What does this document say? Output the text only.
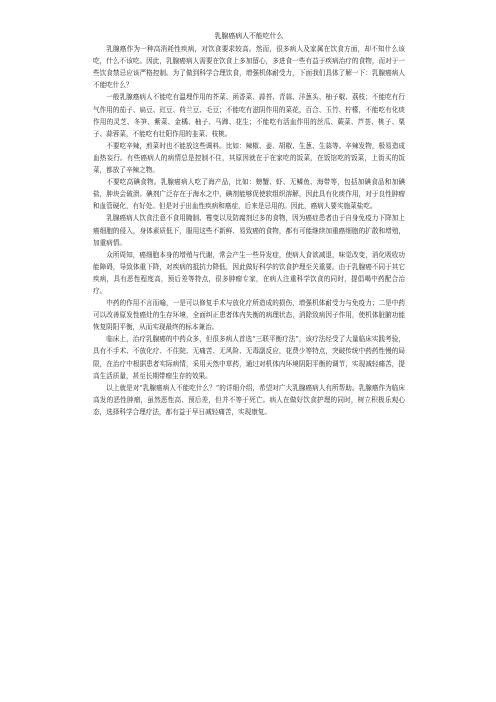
乳腺癌病人不能吃什么

乳腺癌作为一种高消耗性疾病，对饮食要求较高。然而，很多病人及家属在饮食方面，却不知什么该吃，什么不该吃。因此，乳腺癌病人需要在饮食上多加留心，多进食一些有益于疾病治疗的食物，而对于一些饮食禁忌应该严格控制。为了做到科学合理饮食，增强机体耐受力，下面我们具体了解一下：乳腺癌病人不能吃什么？

一般乳腺癌病人不能吃有温埋作用的芥菜、函香菜、蒜苔、青蒜、洋葱头、柚子椒、荔枝；不能吃有行气作用的茄子、扁豆、豇豆、荷兰豆、毛豆；不能吃有滋阴作用的菜花，百合、玉竹、柠檬，不能吃有化痰作用的灵芝、冬笋、紫菜、金橘、柚子、马蹄、花生；不能吃有活血作用的丝瓜、蕨菜、芦荟、桃子、栗子、蒜蓉菜，不能吃有壮阳作用的韭菜、枝桃。

不要吃辛辣，煎菜时也不能放这些调料。比如：辣椒、姜、胡椒、生葱、生蒜等。辛辣发物，极易造成血热妄行。有些癌病人的病情总是控制不住，其原因就在于在家吃的饭菜，在饭馆吃的饭菜，上街买的饭菜，都放了辛辣之物。

不要吃高碘食物。乳腺癌病人吃了海产品，比如：螃蟹、虾、无鳞鱼、海带等，包括加碘食品和加碘盐，肿块会破溃。碘剂广泛存在于海水之中，碘剂能够促使软组织溶解，因此具有化痰作用，对于良性肿瘤和血管硬化，有好处。但是对于出血性疾病和癌症，后来是忌用的。因此，癌病人要实施菜盐吃。

乳腺癌病人饮食注意不食用腌制、霉变以及防腐剂过多的食物，因为癌症患者由于自身免疫力下降加上癌细胞的侵入，身体素质低下，服用这些不新鲜、易致癌的食物，都有可能继续加重癌细胞的扩散和增殖，加重病情。

众所周知，癌细胞本身的增殖与代谢，常会产生一些异发症，使病人食欲减退，味觉改变，消化吸收功能障碍，导致体重下降，对疾病的抵抗力降低，因此做好科学的饮食护理至关重要。由于乳腺癌不同于其它疾病，具有恶性程度高，预后差等特点，很多肿瘤专家，在病人注重科学饮食的同时，提倡喝中药配合治疗。

中药的作用不言而喻，一是可以修复手术与放化疗所造成的损伤，增强机体耐受力与免疫力；二是中药可以改善原发性癌灶的生存环境，全面纠正患者体内失衡的病理状态，消除致病因子作用，使机体脏腑功能恢复阴阳平衡，从而实现最终的标本兼治。

临床上，治疗乳腺癌的中药众多，但很多病人首选“三联平衡疗法”，该疗法经受了大量临床实践考验，具有不手术、不放化疗、不住院、无痛苦、无风险、无毒副反应，花费少等特点，突破传统中药药性慢的局限，在治疗中根据患者实际病情，采用天然中草药，通过对机体内环境阴阳平衡的调节，实现减轻痛苦，提高生活质量，甚至长期带瘤生存的效果。

以上就是对“乳腺癌病人不能吃什么？”的详细介绍，希望对广大乳腺癌病人有所帮助。乳腺癌作为临床高发的恶性肿瘤，虽然恶性高、预后差，但并不等于死亡。病人在做好饮食护理的同时，树立积极乐观心态，选择科学合理疗法，都有益于早日减轻痛苦，实现康复。
